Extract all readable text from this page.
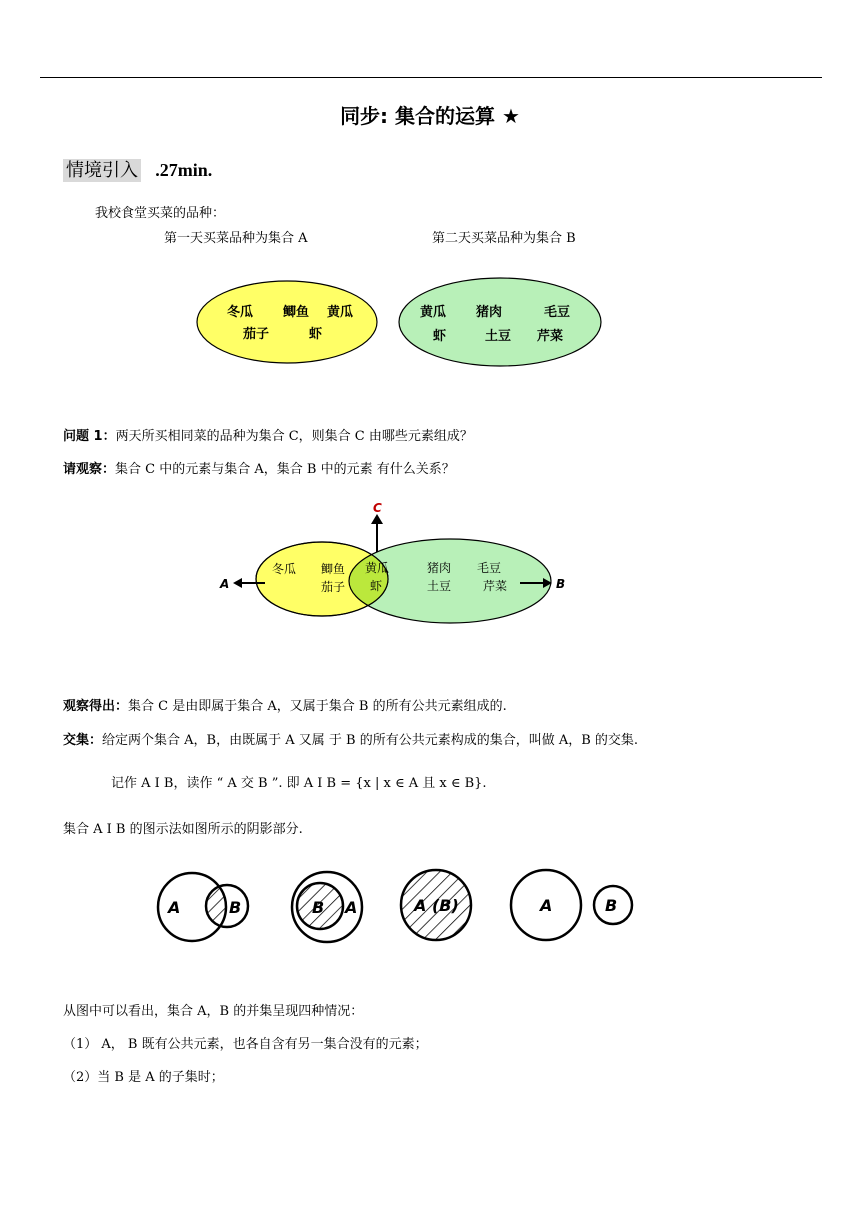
同步: 集合的运算 ★
情境引入 .27min.
我校食堂买菜的品种：
第一天买菜品种为集合 A	第二天买菜品种为集合 B
冬瓜 鲫鱼 黄瓜
茄子	虾
黄瓜 猪肉	毛豆
虾	土豆 芹菜
C
A	B
冬瓜 鲫鱼
茄子
黄瓜
虾
猪肉 毛豆
土豆	芹菜
A	B	A
B	A (B)	A	B
问题 1：两天所买相同菜的品种为集合 C，则集合 C 由哪些元素组成？
请观察：集合 C 中的元素与集合 A，集合 B 中的元素 有什么关系？
观察得出：集合 C 是由即属于集合 A，又属于集合 B 的所有公共元素组成的.
交集：给定两个集合 A，B，由既属于 A 又属 于 B 的所有公共元素构成的集合，叫做 A，B 的交集.
记作 A I B，读作 “ A 交 B ”. 即 A I B = {x | x ∈ A 且 x ∈ B}.
集合 A I B 的图示法如图所示的阴影部分.
从图中可以看出，集合 A，B 的并集呈现四种情况：
（1） A， B 既有公共元素，也各自含有另一集合没有的元素；
（2）当 B 是 A 的子集时；
